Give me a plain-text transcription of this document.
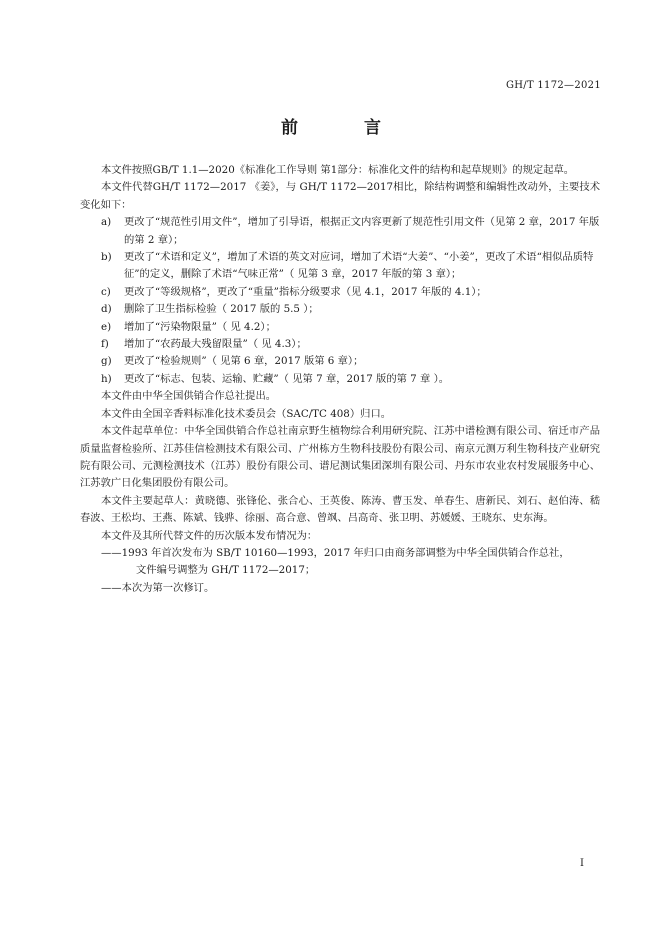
GH/T 1172—2021
前 言

本文件按照GB/T 1.1—2020《标准化工作导则 第1部分：标准化文件的结构和起草规则》的规定起草。

本文件代替GH/T 1172—2017 《姜》，与 GH/T 1172—2017相比，除结构调整和编辑性改动外，主要技术变化如下：

a) 更改了“规范性引用文件”，增加了引导语，根据正文内容更新了规范性引用文件（见第 2 章，2017 年版的第 2 章）；
b) 更改了“术语和定义”，增加了术语的英文对应词，增加了术语“大姜”、“小姜”，更改了术语“相似品质特征”的定义，删除了术语“气味正常”（ 见第 3 章，2017 年版的第 3 章）；
c) 更改了“等级规格”，更改了“重量”指标分级要求（见 4.1，2017 年版的 4.1）；
d) 删除了卫生指标检验（ 2017 版的 5.5 ）；
e) 增加了“污染物限量”（ 见 4.2）；
f) 增加了“农药最大残留限量”（ 见 4.3）；
g) 更改了“检验规则”（ 见第 6 章，2017 版第 6 章）；
h) 更改了“标志、包装、运输、贮藏”（ 见第 7 章，2017 版的第 7 章 ）。

本文件由中华全国供销合作总社提出。

本文件由全国辛香料标准化技术委员会（SAC/TC 408）归口。

本文件起草单位：中华全国供销合作总社南京野生植物综合利用研究院、江苏中谱检测有限公司、宿迁市产品质量监督检验所、江苏佳信检测技术有限公司、广州栋方生物科技股份有限公司、南京元测万利生物科技产业研究院有限公司、元测检测技术（江苏）股份有限公司、谱尼测试集团深圳有限公司、丹东市农业农村发展服务中心、江苏敦广日化集团股份有限公司。

本文件主要起草人：黄晓德、张锋伦、张合心、王英俊、陈涛、曹玉发、单春生、唐新民、刘石、赵伯涛、嵇春波、王松均、王燕、陈斌、钱骅、徐丽、高合意、曾飒、吕高奇、张卫明、苏媛媛、王晓东、史东海。

本文件及其所代替文件的历次版本发布情况为：

——1993 年首次发布为 SB/T 10160—1993，2017 年归口由商务部调整为中华全国供销合作总社，
文件编号调整为 GH/T 1172—2017；
——本次为第一次修订。
I
